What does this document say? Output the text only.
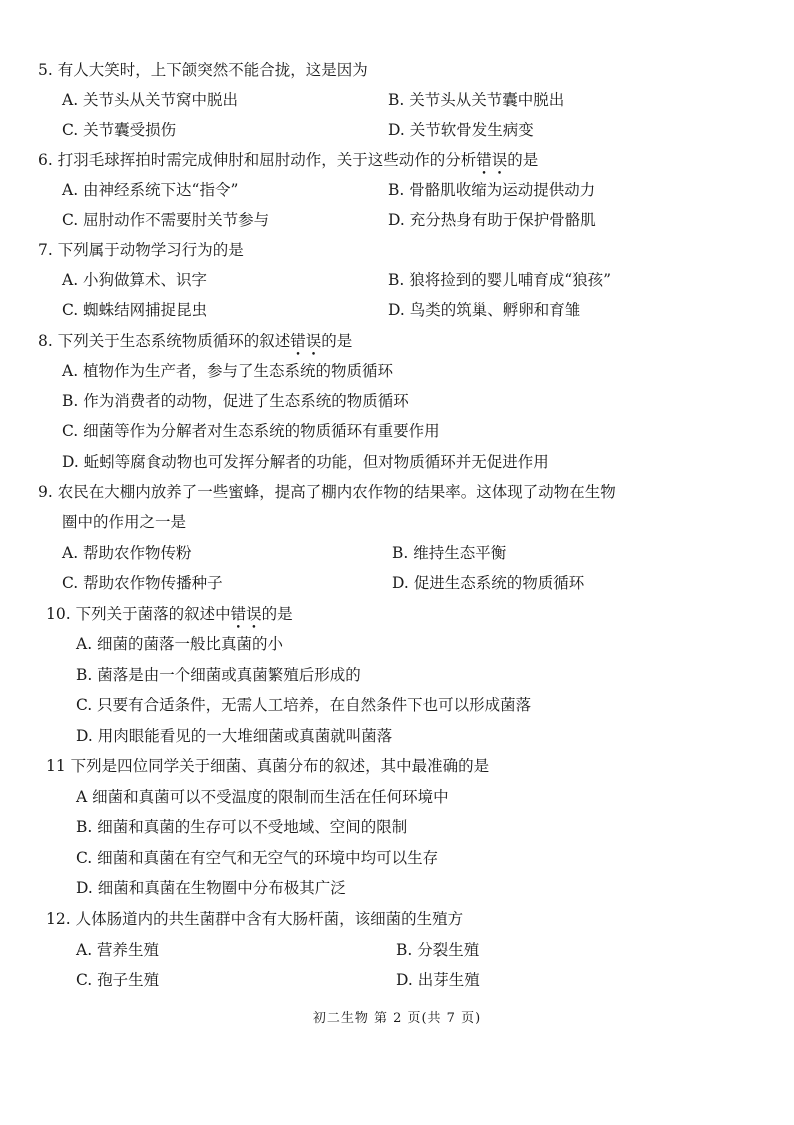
5. 有人大笑时，上下颌突然不能合拢，这是因为
A. 关节头从关节窝中脱出	B. 关节头从关节囊中脱出
C. 关节囊受损伤	D. 关节软骨发生病变
6. 打羽毛球挥拍时需完成伸肘和屈肘动作，关于这些动作的分析错误的是
A. 由神经系统下达“指令”	B. 骨骼肌收缩为运动提供动力
C. 屈肘动作不需要肘关节参与	D. 充分热身有助于保护骨骼肌
7. 下列属于动物学习行为的是
A. 小狗做算术、识字	B. 狼将捡到的婴儿哺育成“狼孩”
C. 蜘蛛结网捕捉昆虫	D. 鸟类的筑巢、孵卵和育雏
8. 下列关于生态系统物质循环的叙述错误的是
A. 植物作为生产者，参与了生态系统的物质循环
B. 作为消费者的动物，促进了生态系统的物质循环
C. 细菌等作为分解者对生态系统的物质循环有重要作用
D. 蚯蚓等腐食动物也可发挥分解者的功能，但对物质循环并无促进作用
9. 农民在大棚内放养了一些蜜蜂，提高了棚内农作物的结果率。这体现了动物在生物
圈中的作用之一是
A. 帮助农作物传粉	B. 维持生态平衡
C. 帮助农作物传播种子	D. 促进生态系统的物质循环
10. 下列关于菌落的叙述中错误的是
A. 细菌的菌落一般比真菌的小
B. 菌落是由一个细菌或真菌繁殖后形成的
C. 只要有合适条件，无需人工培养，在自然条件下也可以形成菌落
D. 用肉眼能看见的一大堆细菌或真菌就叫菌落
11 下列是四位同学关于细菌、真菌分布的叙述，其中最准确的是
A 细菌和真菌可以不受温度的限制而生活在任何环境中
B. 细菌和真菌的生存可以不受地域、空间的限制
C. 细菌和真菌在有空气和无空气的环境中均可以生存
D. 细菌和真菌在生物圈中分布极其广泛
12. 人体肠道内的共生菌群中含有大肠杆菌，该细菌的生殖方
A. 营养生殖	B. 分裂生殖
C. 孢子生殖	D. 出芽生殖
初二生物 第 2 页(共 7 页)
